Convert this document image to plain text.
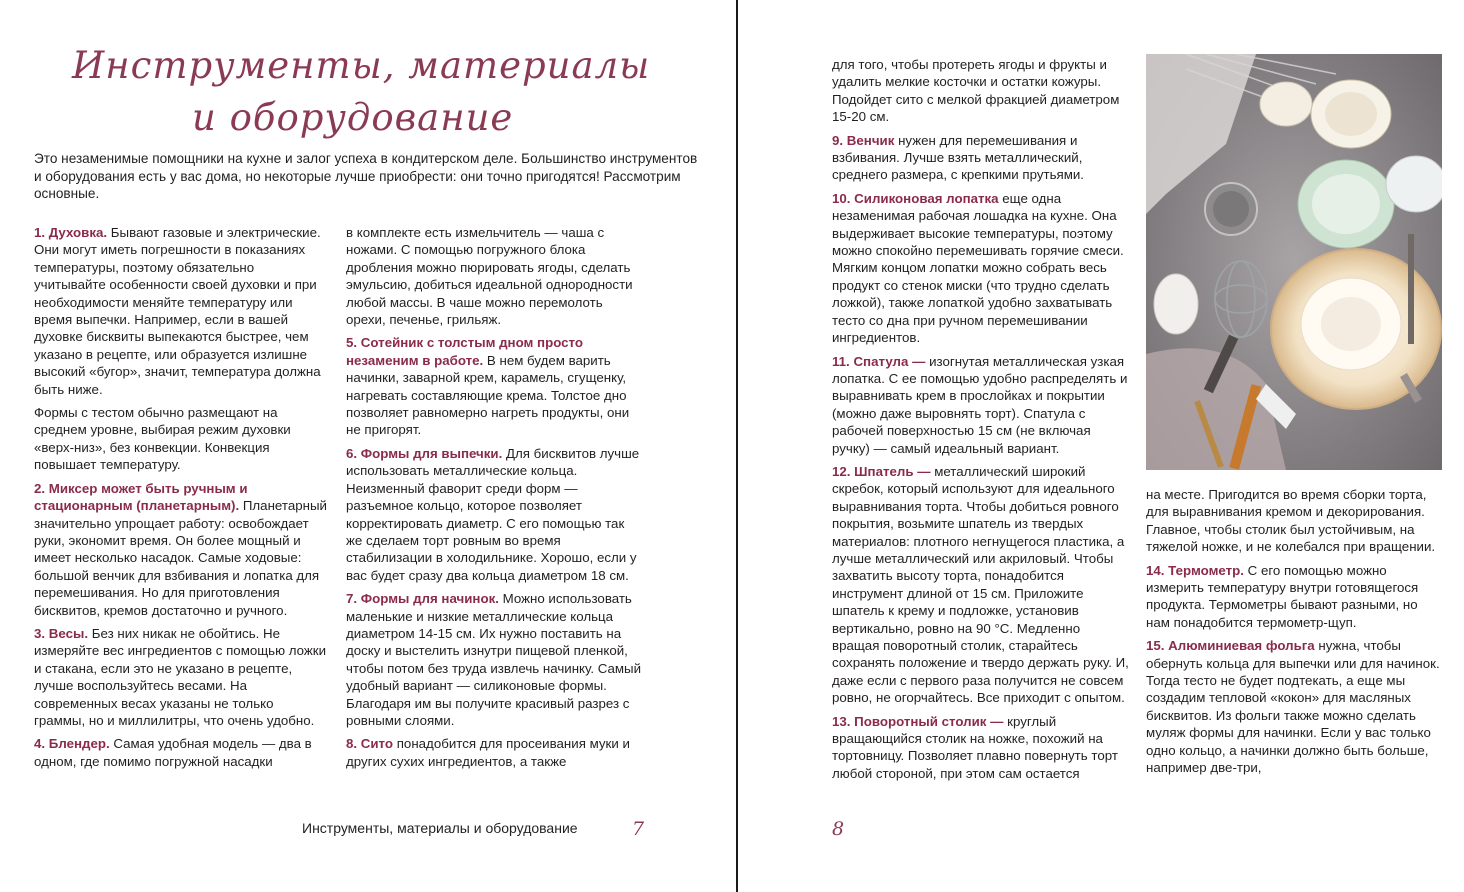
Инструменты, материалы
и оборудование

Это незаменимые помощники на кухне и залог успеха в кондитерском деле. Большинство инструментов и оборудования есть у вас дома, но некоторые лучше приобрести: они точно пригодятся! Рассмотрим основные.

1. Духовка. Бывают газовые и электрические. Они могут иметь погрешности в показаниях температуры, поэтому обязательно учитывайте особенности своей духовки и при необходимости меняйте температуру или время выпечки. Например, если в вашей духовке бисквиты выпекаются быстрее, чем указано в рецепте, или образуется излишне высокий «бугор», значит, температура должна быть ниже.

Формы с тестом обычно размещают на среднем уровне, выбирая режим духовки «верх-низ», без конвекции. Конвекция повышает температуру.

2. Миксер может быть ручным и стационарным (планетарным). Планетарный значительно упрощает работу: освобождает руки, экономит время. Он более мощный и имеет несколько насадок. Самые ходовые: большой венчик для взбивания и лопатка для перемешивания. Но для приготовления бисквитов, кремов достаточно и ручного.

3. Весы. Без них никак не обойтись. Не измеряйте вес ингредиентов с помощью ложки и стакана, если это не указано в рецепте, лучше воспользуйтесь весами. На современных весах указаны не только граммы, но и миллилитры, что очень удобно.

4. Блендер. Самая удобная модель — два в одном, где помимо погружной насадки

в комплекте есть измельчитель — чаша с ножами. С помощью погружного блока дробления можно пюрировать ягоды, сделать эмульсию, добиться идеальной однородности любой массы. В чаше можно перемолоть орехи, печенье, грильяж.

5. Сотейник с толстым дном просто незаменим в работе. В нем будем варить начинки, заварной крем, карамель, сгущенку, нагревать составляющие крема. Толстое дно позволяет равномерно нагреть продукты, они не пригорят.

6. Формы для выпечки. Для бисквитов лучше использовать металлические кольца. Неизменный фаворит среди форм — разъемное кольцо, которое позволяет корректировать диаметр. С его помощью так же сделаем торт ровным во время стабилизации в холодильнике. Хорошо, если у вас будет сразу два кольца диаметром 18 см.

7. Формы для начинок. Можно использовать маленькие и низкие металлические кольца диаметром 14-15 см. Их нужно поставить на доску и выстелить изнутри пищевой пленкой, чтобы потом без труда извлечь начинку. Самый удобный вариант — силиконовые формы. Благодаря им вы получите красивый разрез с ровными слоями.

8. Сито понадобится для просеивания муки и других сухих ингредиентов, а также

Инструменты, материалы и оборудование	7

для того, чтобы протереть ягоды и фрукты и удалить мелкие косточки и остатки кожуры. Подойдет сито с мелкой фракцией диаметром 15-20 см.

9. Венчик нужен для перемешивания и взбивания. Лучше взять металлический, среднего размера, с крепкими прутьями.

10. Силиконовая лопатка еще одна незаменимая рабочая лошадка на кухне. Она выдерживает высокие температуры, поэтому можно спокойно перемешивать горячие смеси. Мягким концом лопатки можно собрать весь продукт со стенок миски (что трудно сделать ложкой), также лопаткой удобно захватывать тесто со дна при ручном перемешивании ингредиентов.

11. Спатула — изогнутая металлическая узкая лопатка. С ее помощью удобно распределять и выравнивать крем в прослойках и покрытии (можно даже выровнять торт). Спатула с рабочей поверхностью 15 см (не включая ручку) — самый идеальный вариант.

12. Шпатель — металлический широкий скребок, который используют для идеального выравнивания торта. Чтобы добиться ровного покрытия, возьмите шпатель из твердых материалов: плотного негнущегося пластика, а лучше металлический или акриловый. Чтобы захватить высоту торта, понадобится инструмент длиной от 15 см. Приложите шпатель к крему и подложке, установив вертикально, ровно на 90 °С. Медленно вращая поворотный столик, старайтесь сохранять положение и твердо держать руку. И, даже если с первого раза получится не совсем ровно, не огорчайтесь. Все приходит с опытом.

13. Поворотный столик — круглый вращающийся столик на ножке, похожий на тортовницу. Позволяет плавно повернуть торт любой стороной, при этом сам остается

на месте. Пригодится во время сборки торта, для выравнивания кремом и декорирования. Главное, чтобы столик был устойчивым, на тяжелой ножке, и не колебался при вращении.

14. Термометр. С его помощью можно измерить температуру внутри готовящегося продукта. Термометры бывают разными, но нам понадобится термометр-щуп.

15. Алюминиевая фольга нужна, чтобы обернуть кольца для выпечки или для начинок. Тогда тесто не будет подтекать, а еще мы создадим тепловой «кокон» для масляных бисквитов. Из фольги также можно сделать муляж формы для начинки. Если у вас только одно кольцо, а начинки должно быть больше, например две-три,

8
